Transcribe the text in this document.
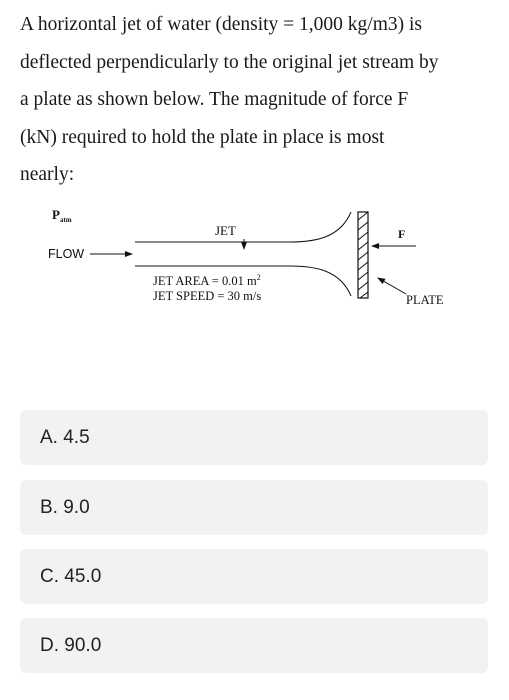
A horizontal jet of water (density = 1,000 kg/m3) is
deflected perpendicularly to the original jet stream by
a plate as shown below. The magnitude of force F
(kN) required to hold the plate in place is most
nearly:

$P_{atm}$
FLOW
JET	F
JET AREA = 0.01 $m^2$
JET SPEED = 30 m/s	PLATE
A. 4.5
B. 9.0
C. 45.0
D. 90.0
